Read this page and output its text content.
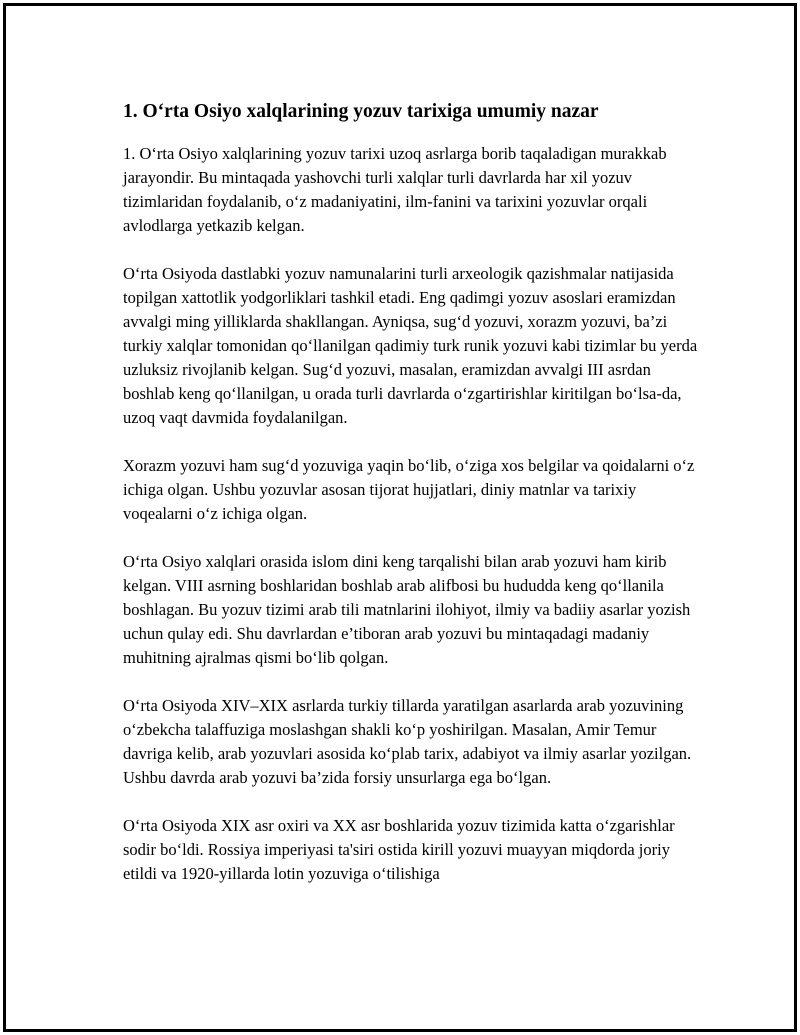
1. O‘rta Osiyo xalqlarining yozuv tarixiga umumiy nazar

1. O‘rta Osiyo xalqlarining yozuv tarixi uzoq asrlarga borib taqaladigan murakkab jarayondir. Bu mintaqada yashovchi turli xalqlar turli davrlarda har xil yozuv tizimlaridan foydalanib, o‘z madaniyatini, ilm-fanini va tarixini yozuvlar orqali avlodlarga yetkazib kelgan.

O‘rta Osiyoda dastlabki yozuv namunalarini turli arxeologik qazishmalar natijasida topilgan xattotlik yodgorliklari tashkil etadi. Eng qadimgi yozuv asoslari eramizdan avvalgi ming yilliklarda shakllangan. Ayniqsa, sug‘d yozuvi, xorazm yozuvi, ba’zi turkiy xalqlar tomonidan qo‘llanilgan qadimiy turk runik yozuvi kabi tizimlar bu yerda uzluksiz rivojlanib kelgan. Sug‘d yozuvi, masalan, eramizdan avvalgi III asrdan boshlab keng qo‘llanilgan, u orada turli davrlarda o‘zgartirishlar kiritilgan bo‘lsa-da, uzoq vaqt davmida foydalanilgan.

Xorazm yozuvi ham sug‘d yozuviga yaqin bo‘lib, o‘ziga xos belgilar va qoidalarni o‘z ichiga olgan. Ushbu yozuvlar asosan tijorat hujjatlari, diniy matnlar va tarixiy voqealarni o‘z ichiga olgan.

O‘rta Osiyo xalqlari orasida islom dini keng tarqalishi bilan arab yozuvi ham kirib kelgan. VIII asrning boshlaridan boshlab arab alifbosi bu hududda keng qo‘llanila boshlagan. Bu yozuv tizimi arab tili matnlarini ilohiyot, ilmiy va badiiy asarlar yozish uchun qulay edi. Shu davrlardan e’tiboran arab yozuvi bu mintaqadagi madaniy muhitning ajralmas qismi bo‘lib qolgan.

O‘rta Osiyoda XIV–XIX asrlarda turkiy tillarda yaratilgan asarlarda arab yozuvining o‘zbekcha talaffuziga moslashgan shakli ko‘p yoshirilgan. Masalan, Amir Temur davriga kelib, arab yozuvlari asosida ko‘plab tarix, adabiyot va ilmiy asarlar yozilgan. Ushbu davrda arab yozuvi ba’zida forsiy unsurlarga ega bo‘lgan.

O‘rta Osiyoda XIX asr oxiri va XX asr boshlarida yozuv tizimida katta o‘zgarishlar sodir bo‘ldi. Rossiya imperiyasi ta'siri ostida kirill yozuvi muayyan miqdorda joriy etildi va 1920-yillarda lotin yozuviga o‘tilishiga
